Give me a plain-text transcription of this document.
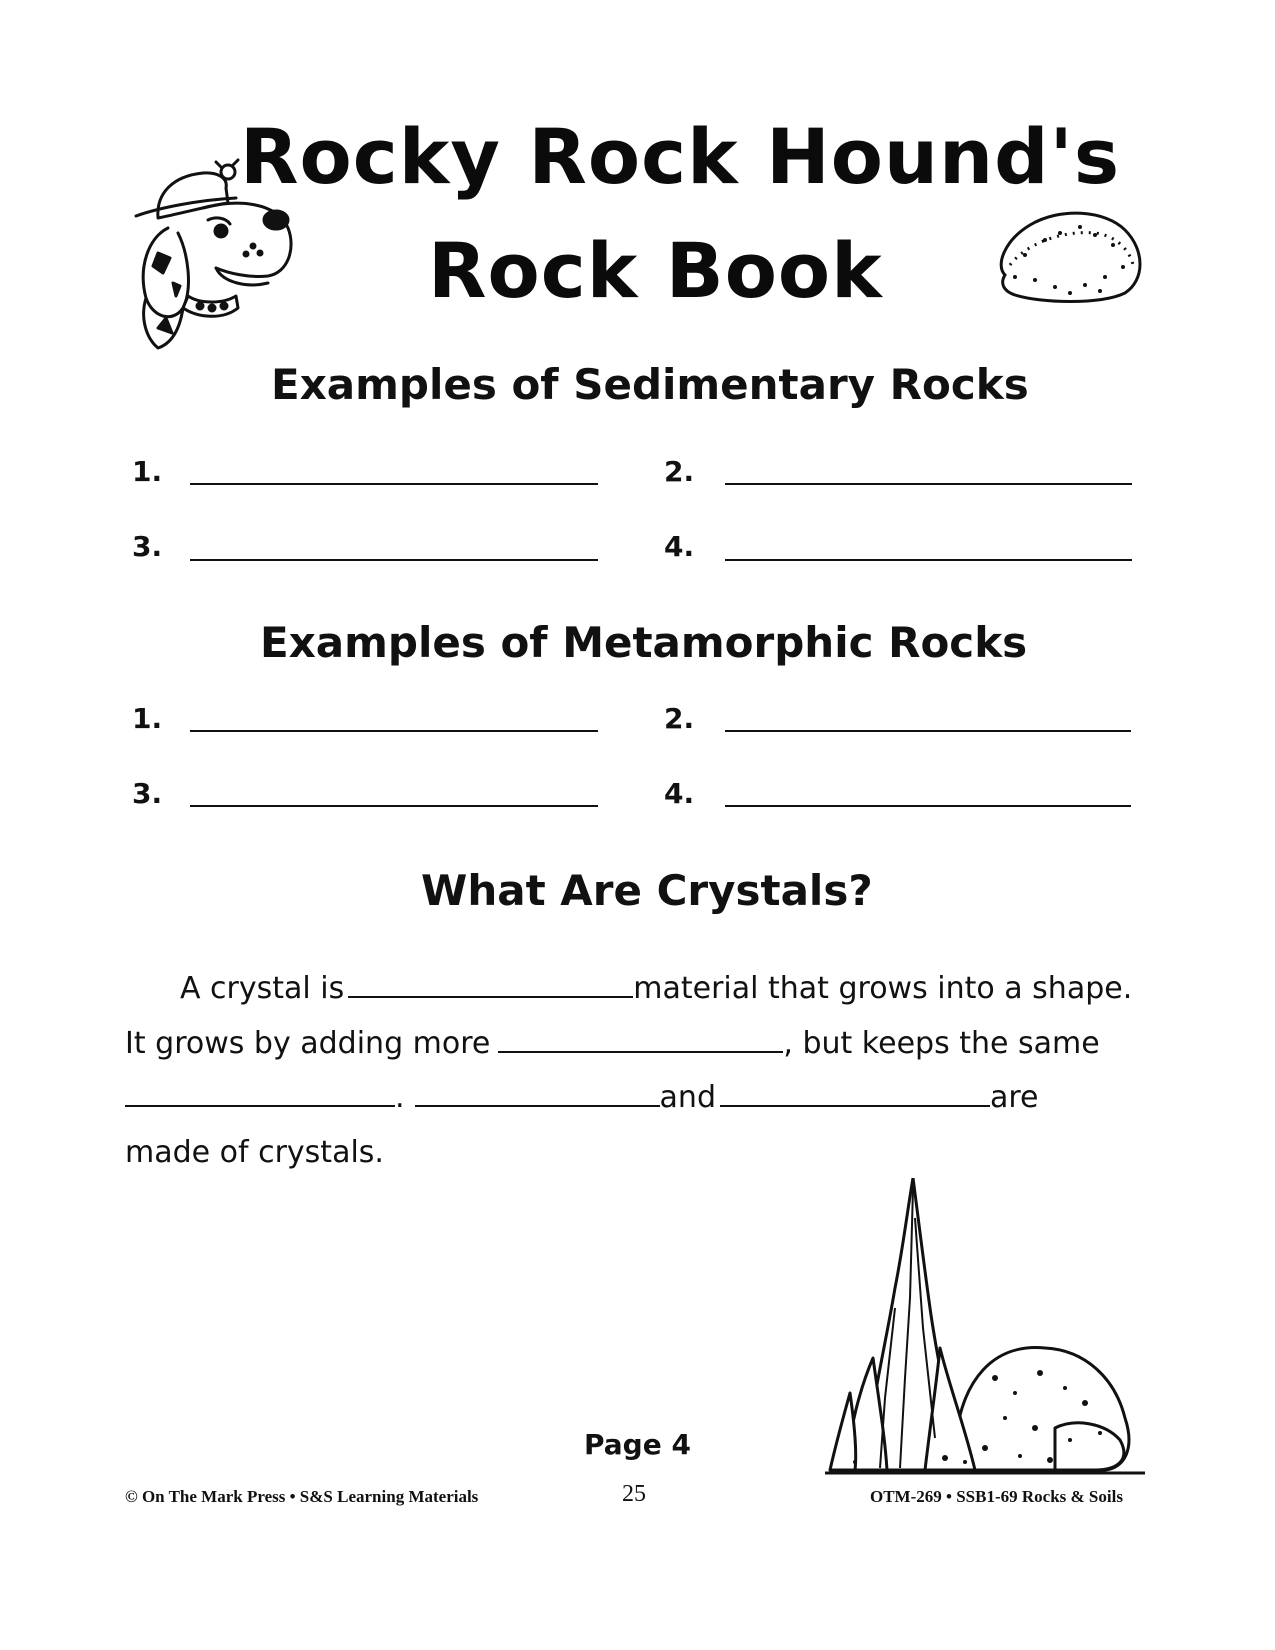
Rocky Rock Hound's
Rock Book
Examples of Sedimentary Rocks
1.	2.
3.	4.
Examples of Metamorphic Rocks
1.	2.
3.	4.
What Are Crystals?
A crystal is	material that grows into a shape.
It grows by adding more	, but keeps the same
.	and	are
made of crystals.
Page 4
© On The Mark Press • S&S Learning Materials	25	OTM-269 • SSB1-69 Rocks & Soils
